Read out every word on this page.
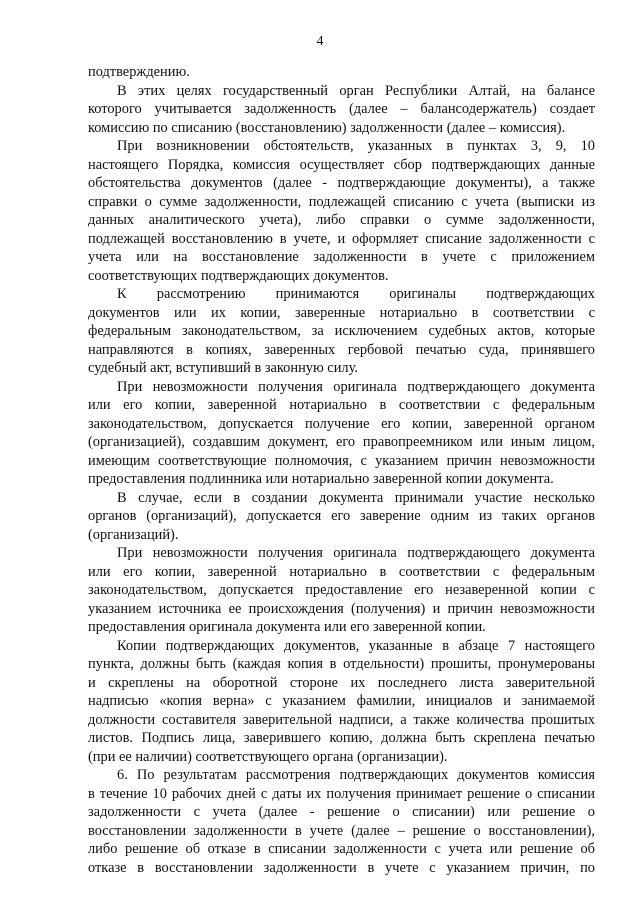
4
подтверждению.
В этих целях государственный орган Республики Алтай, на балансе
которого учитывается задолженность (далее – балансодержатель) создает
комиссию по списанию (восстановлению) задолженности (далее – комиссия).
При возникновении обстоятельств, указанных в пунктах 3, 9, 10
настоящего Порядка, комиссия осуществляет сбор подтверждающих данные
обстоятельства документов (далее - подтверждающие документы), а также
справки о сумме задолженности, подлежащей списанию с учета (выписки из
данных аналитического учета), либо справки о сумме задолженности,
подлежащей восстановлению в учете, и оформляет списание задолженности с
учета или на восстановление задолженности в учете с приложением
соответствующих подтверждающих документов.
К рассмотрению принимаются оригиналы подтверждающих
документов или их копии, заверенные нотариально в соответствии с
федеральным законодательством, за исключением судебных актов, которые
направляются в копиях, заверенных гербовой печатью суда, принявшего
судебный акт, вступивший в законную силу.
При невозможности получения оригинала подтверждающего документа
или его копии, заверенной нотариально в соответствии с федеральным
законодательством, допускается получение его копии, заверенной органом
(организацией), создавшим документ, его правопреемником или иным лицом,
имеющим соответствующие полномочия, с указанием причин невозможности
предоставления подлинника или нотариально заверенной копии документа.
В случае, если в создании документа принимали участие несколько
органов (организаций), допускается его заверение одним из таких органов
(организаций).
При невозможности получения оригинала подтверждающего документа
или его копии, заверенной нотариально в соответствии с федеральным
законодательством, допускается предоставление его незаверенной копии с
указанием источника ее происхождения (получения) и причин невозможности
предоставления оригинала документа или его заверенной копии.
Копии подтверждающих документов, указанные в абзаце 7 настоящего
пункта, должны быть (каждая копия в отдельности) прошиты, пронумерованы
и скреплены на оборотной стороне их последнего листа заверительной
надписью «копия верна» с указанием фамилии, инициалов и занимаемой
должности составителя заверительной надписи, а также количества прошитых
листов. Подпись лица, заверившего копию, должна быть скреплена печатью
(при ее наличии) соответствующего органа (организации).
6. По результатам рассмотрения подтверждающих документов комиссия
в течение 10 рабочих дней с даты их получения принимает решение о списании
задолженности с учета (далее - решение о списании) или решение о
восстановлении задолженности в учете (далее – решение о восстановлении),
либо решение об отказе в списании задолженности с учета или решение об
отказе в восстановлении задолженности в учете с указанием причин, по
